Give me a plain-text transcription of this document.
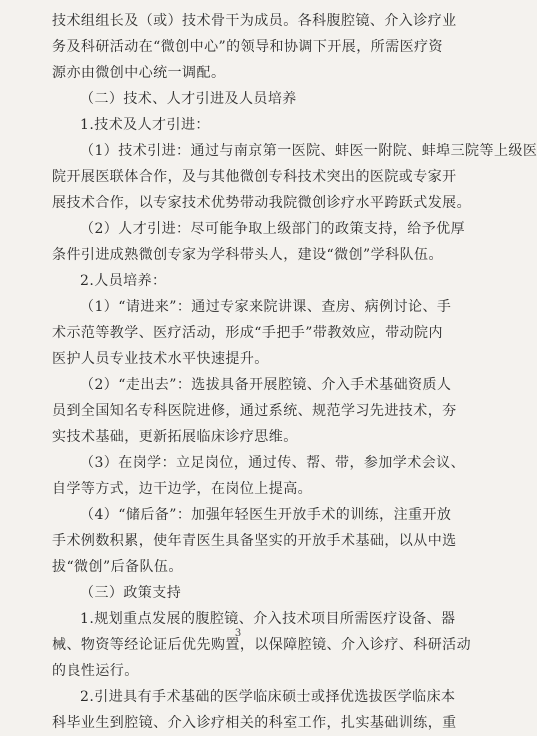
技术组组长及（或）技术骨干为成员。各科腹腔镜、介入诊疗业
务及科研活动在“微创中心”的领导和协调下开展，所需医疗资
源亦由微创中心统一调配。
（二）技术、人才引进及人员培养
1.技术及人才引进：
（1）技术引进：通过与南京第一医院、蚌医一附院、蚌埠三院等上级医
院开展医联体合作，及与其他微创专科技术突出的医院或专家开
展技术合作，以专家技术优势带动我院微创诊疗水平跨跃式发展。
（2）人才引进：尽可能争取上级部门的政策支持，给予优厚
条件引进成熟微创专家为学科带头人，建设“微创”学科队伍。
2.人员培养：
（1）“请进来”：通过专家来院讲课、查房、病例讨论、手
术示范等教学、医疗活动，形成“手把手”带教效应，带动院内
医护人员专业技术水平快速提升。
（2）“走出去”：选拔具备开展腔镜、介入手术基础资质人
员到全国知名专科医院进修，通过系统、规范学习先进技术，夯
实技术基础，更新拓展临床诊疗思维。
（3）在岗学：立足岗位，通过传、帮、带，参加学术会议、
自学等方式，边干边学，在岗位上提高。
（4）“储后备”：加强年轻医生开放手术的训练，注重开放
手术例数积累，使年青医生具备坚实的开放手术基础，以从中选
拔“微创”后备队伍。
（三）政策支持
1.规划重点发展的腹腔镜、介入技术项目所需医疗设备、器
械、物资等经论证后优先购置，以保障腔镜、介入诊疗、科研活动
的良性运行。
2.引进具有手术基础的医学临床硕士或择优选拔医学临床本
科毕业生到腔镜、介入诊疗相关的科室工作，扎实基础训练，重
3
